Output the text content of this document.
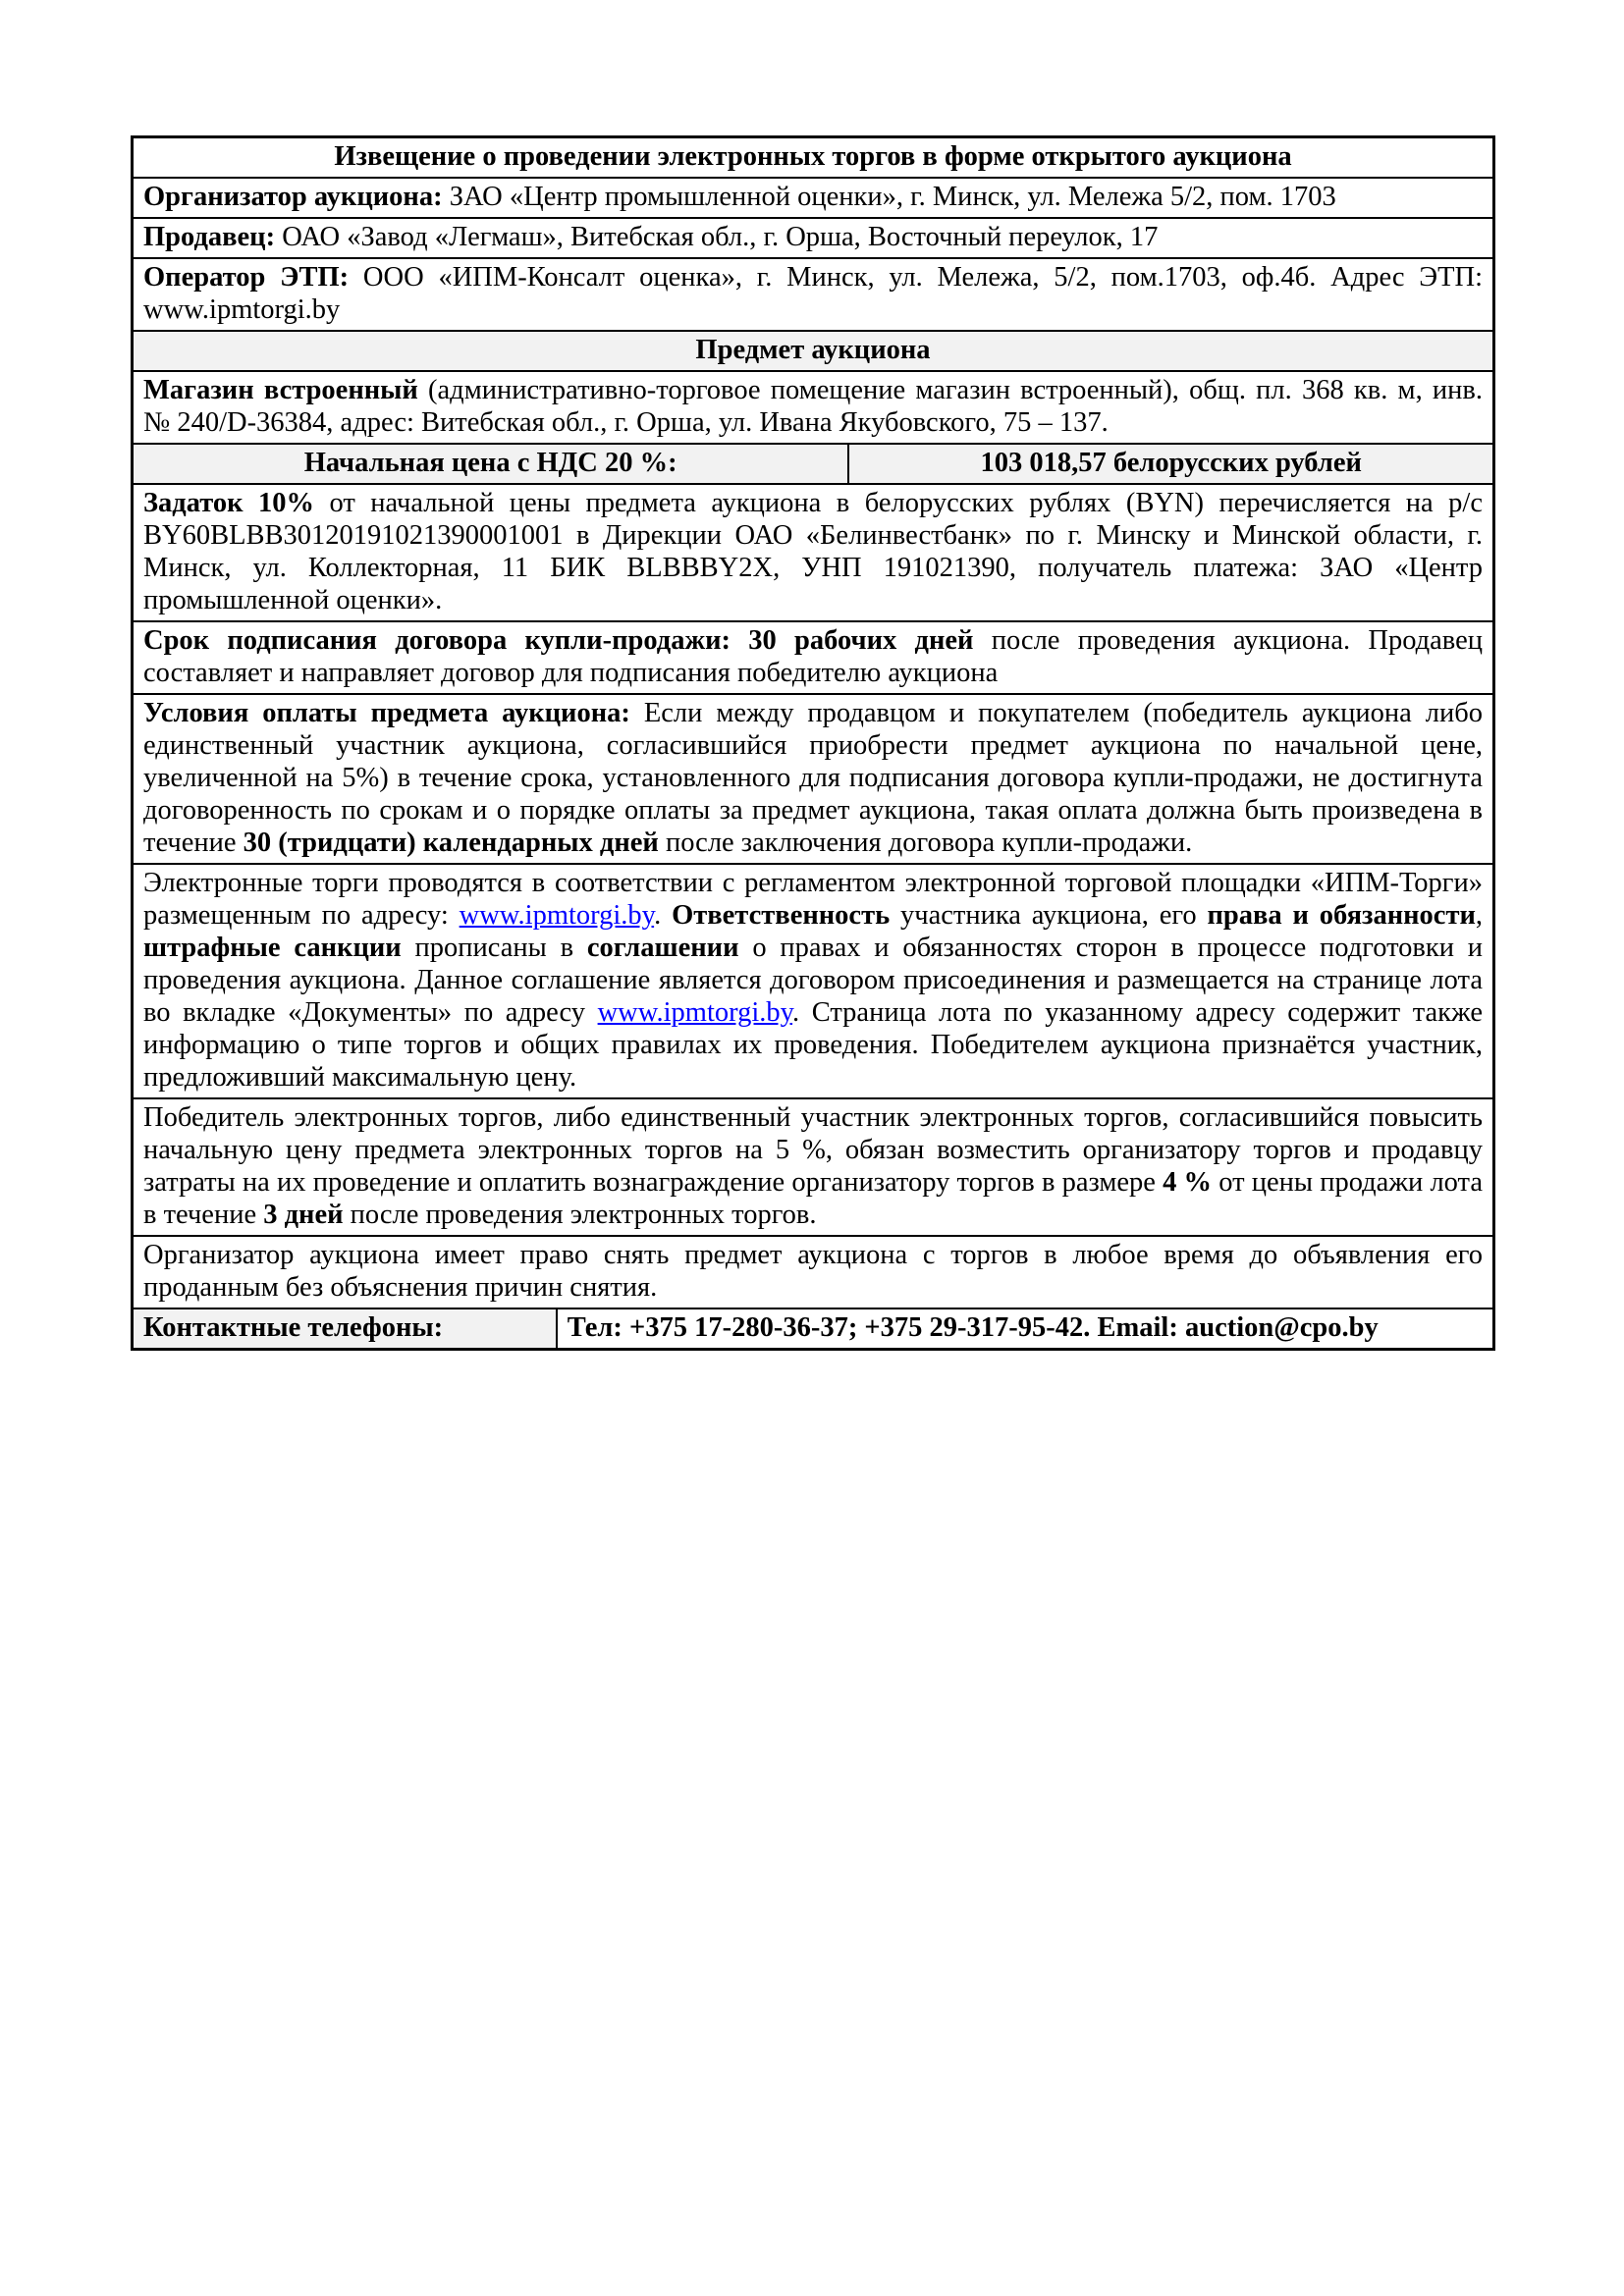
Извещение о проведении электронных торгов в форме открытого аукциона
Организатор аукциона: ЗАО «Центр промышленной оценки», г. Минск, ул. Мележа 5/2, пом. 1703
Продавец: ОАО «Завод «Легмаш», Витебская обл., г. Орша, Восточный переулок, 17
Оператор ЭТП: ООО «ИПМ-Консалт оценка», г. Минск, ул. Мележа, 5/2, пом.1703, оф.4б. Адрес ЭТП: www.ipmtorgi.by
Предмет аукциона
Магазин встроенный (административно-торговое помещение магазин встроенный), общ. пл. 368 кв. м, инв. № 240/D-36384, адрес: Витебская обл., г. Орша, ул. Ивана Якубовского, 75 – 137.
Начальная цена с НДС 20 %:	103 018,57 белорусских рублей
Задаток 10% от начальной цены предмета аукциона в белорусских рублях (BYN) перечисляется на р/с BY60BLBB30120191021390001001 в Дирекции ОАО «Белинвестбанк» по г. Минску и Минской области, г. Минск, ул. Коллекторная, 11 БИК BLBBBY2X, УНП 191021390, получатель платежа: ЗАО «Центр промышленной оценки».
Срок подписания договора купли-продажи: 30 рабочих дней после проведения аукциона. Продавец составляет и направляет договор для подписания победителю аукциона
Условия оплаты предмета аукциона: Если между продавцом и покупателем (победитель аукциона либо единственный участник аукциона, согласившийся приобрести предмет аукциона по начальной цене, увеличенной на 5%) в течение срока, установленного для подписания договора купли-продажи, не достигнута договоренность по срокам и о порядке оплаты за предмет аукциона, такая оплата должна быть произведена в течение 30 (тридцати) календарных дней после заключения договора купли-продажи.
Электронные торги проводятся в соответствии с регламентом электронной торговой площадки «ИПМ-Торги» размещенным по адресу: www.ipmtorgi.by. Ответственность участника аукциона, его права и обязанности, штрафные санкции прописаны в соглашении о правах и обязанностях сторон в процессе подготовки и проведения аукциона. Данное соглашение является договором присоединения и размещается на странице лота во вкладке «Документы» по адресу www.ipmtorgi.by. Страница лота по указанному адресу содержит также информацию о типе торгов и общих правилах их проведения. Победителем аукциона признаётся участник, предложивший максимальную цену.
Победитель электронных торгов, либо единственный участник электронных торгов, согласившийся повысить начальную цену предмета электронных торгов на 5 %, обязан возместить организатору торгов и продавцу затраты на их проведение и оплатить вознаграждение организатору торгов в размере 4 % от цены продажи лота в течение 3 дней после проведения электронных торгов.
Организатор аукциона имеет право снять предмет аукциона с торгов в любое время до объявления его проданным без объяснения причин снятия.
Контактные телефоны:	Тел: +375 17-280-36-37; +375 29-317-95-42. Email: auction@cpo.by
